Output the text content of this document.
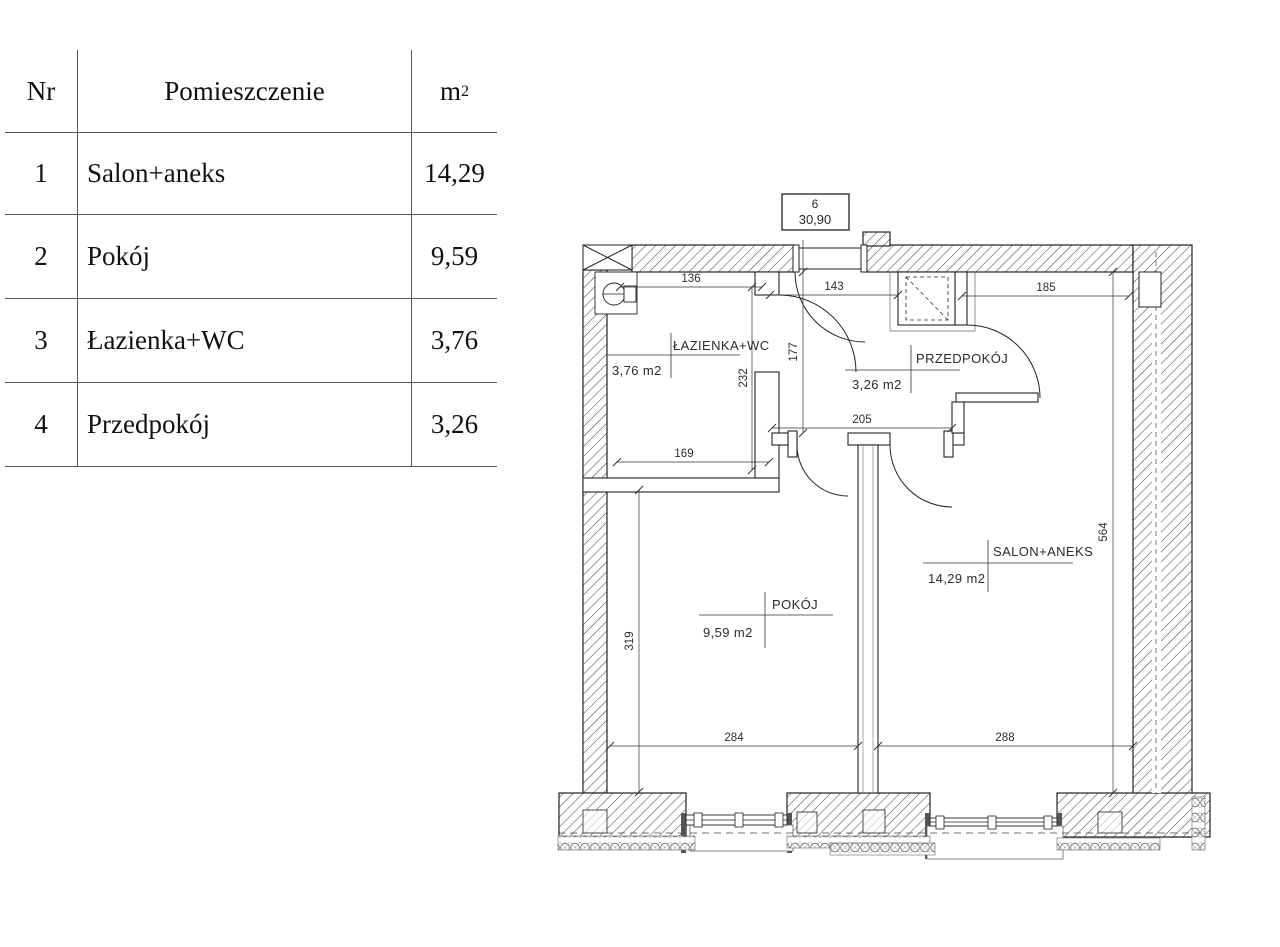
Nr	Pomieszczenie	m 2
1 Salon+aneks	14,29
2 Pokój	9,59
3 Łazienka+WC	3,76
4 Przedpokój	3,26
136
143	185
205
284	288
232
177
169
319
564
ŁAZIENKA+WC
3,76 m2
PRZEDPOKÓJ
3,26 m2
POKÓJ
9,59 m2
SALON+ANEKS
14,29 m2
6
30,90
